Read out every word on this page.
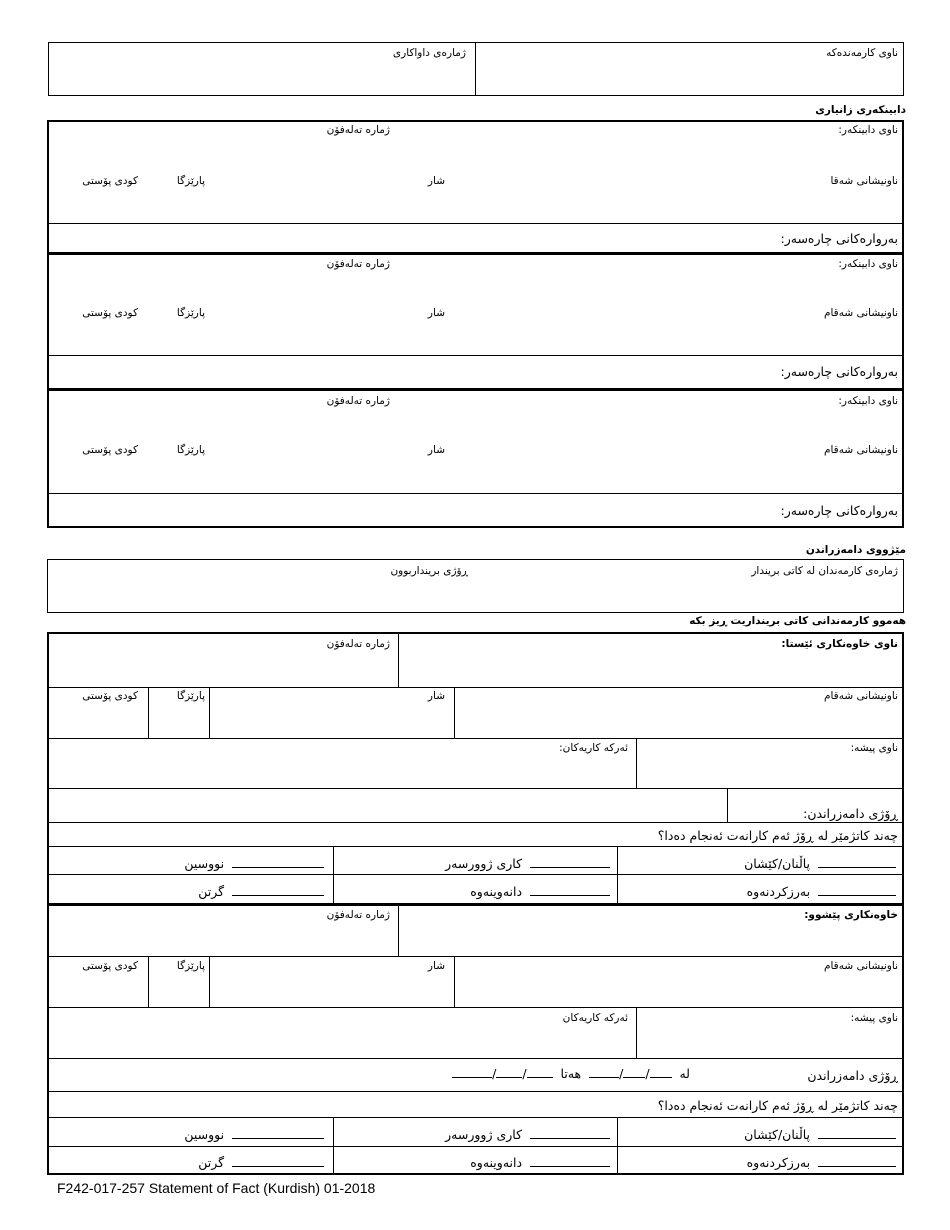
ناوی کارمەندەکە
ژمارەی داواکاری
دابینکەری زانیاری
ناوی دابینکەر:
ژمارە تەلەفۆن
ناونیشانی شەقا
شار
پارێزگا
کودی پۆستی
بەروارەکانی چارەسەر:
ناوی دابینکەر:
ژمارە تەلەفۆن
ناونیشانی شەقام
شار
پارێزگا
کودی پۆستی
بەروارەکانی چارەسەر:
ناوی دابینکەر:
ژمارە تەلەفۆن
ناونیشانی شەقام
شار
پارێزگا
کودی پۆستی
بەروارەکانی چارەسەر:
مێژووی دامەزراندن
ژمارەی کارمەندان لە کاتی بریندار
ڕۆژی بریندار‌بوون
هەموو کارمەندانی کاتی برینداریت ڕیز بکە
ناوی خاوەنکاری ئێستا:
ژمارە تەلەفۆن
ناونیشانی شەقام
شار
پارێزگا
کودی پۆستی
ناوی پیشە:
ئەرکە کاریەکان:
ڕۆژی دامەزراندن:
چەند کاتژمێر لە ڕۆژ ئەم کارانەت ئەنجام دەدا؟
پاڵنان/کێشان
کاری ژوورسەر
نووسین
بەرزکردنەوە
دانەوینەوە
گرتن
خاوەنکاری پێشوو:
ژمارە تەلەفۆن
ناونیشانی شەقام
شار
پارێزگا
کودی پۆستی
ناوی پیشە:
ئەرکە کاریەکان
ڕۆژی دامەزراندن
لە  //  هەتا  //
چەند کاتژمێر لە ڕۆژ ئەم کارانەت ئەنجام دەدا؟
پاڵنان/کێشان
کاری ژوورسەر
نووسین
بەرزکردنەوە
دانەوینەوە
گرتن
F242-017-257 Statement of Fact (Kurdish) 01-2018
